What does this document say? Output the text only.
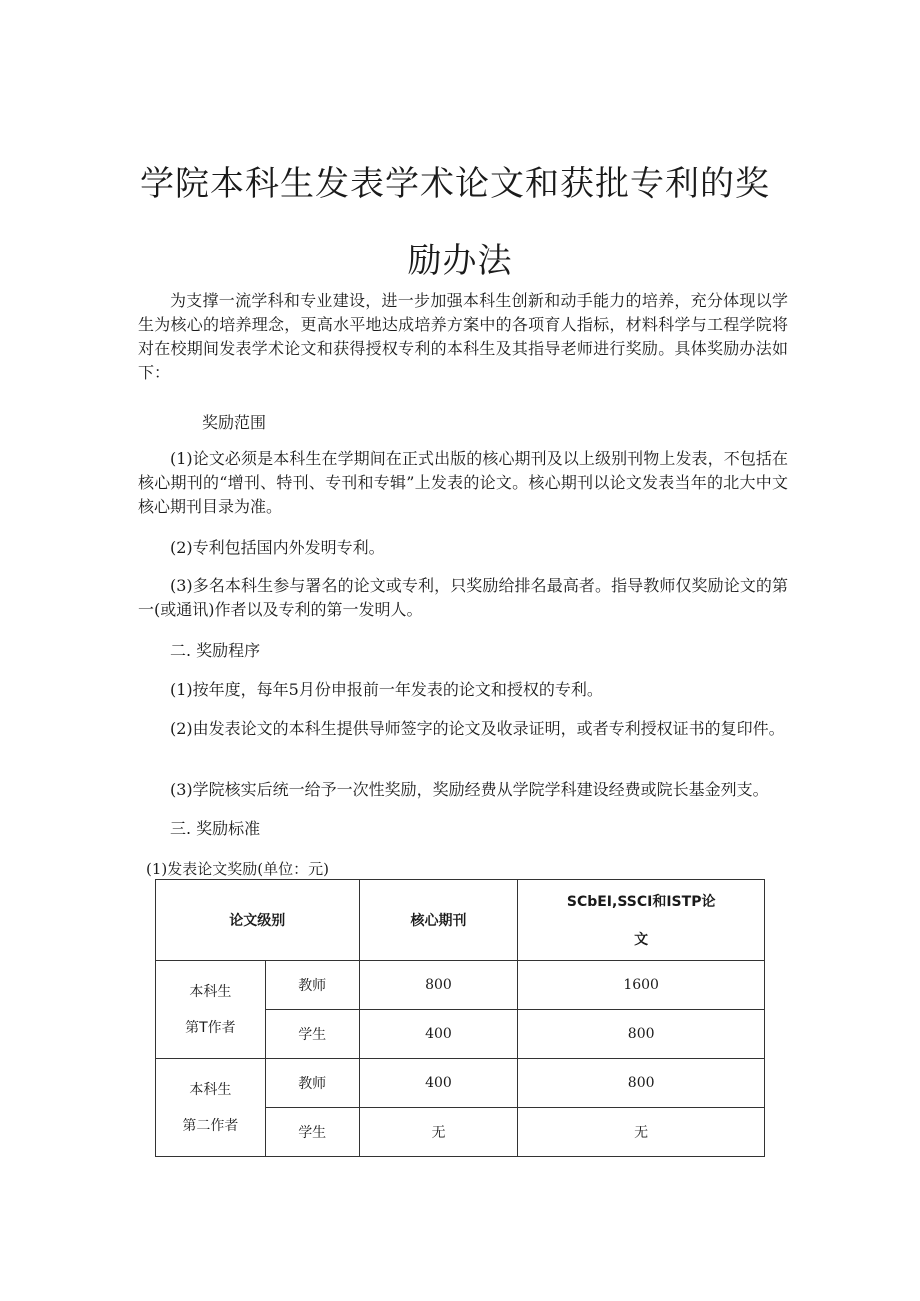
学院本科生发表学术论文和获批专利的奖
励办法

为支撑一流学科和专业建设，进一步加强本科生创新和动手能力的培养，充分体现以学生为核心的培养理念，更高水平地达成培养方案中的各项育人指标，材料科学与工程学院将对在校期间发表学术论文和获得授权专利的本科生及其指导老师进行奖励。具体奖励办法如下：

奖励范围

(1)论文必须是本科生在学期间在正式出版的核心期刊及以上级别刊物上发表，不包括在核心期刊的“增刊、特刊、专刊和专辑”上发表的论文。核心期刊以论文发表当年的北大中文核心期刊目录为准。

(2)专利包括国内外发明专利。

(3)多名本科生参与署名的论文或专利，只奖励给排名最高者。指导教师仅奖励论文的第一(或通讯)作者以及专利的第一发明人。

二. 奖励程序

(1)按年度，每年5月份申报前一年发表的论文和授权的专利。

(2)由发表论文的本科生提供导师签字的论文及收录证明，或者专利授权证书的复印件。

(3)学院核实后统一给予一次性奖励，奖励经费从学院学科建设经费或院长基金列支。

三. 奖励标准

(1)发表论文奖励(单位：元)
论文级别		核心期刊	SCbEI,SSCI和ISTP论
文

本科生
第T作者	教师	800	1600
	学生	400	800

本科生
第二作者	教师	400	800
	学生	无	无
